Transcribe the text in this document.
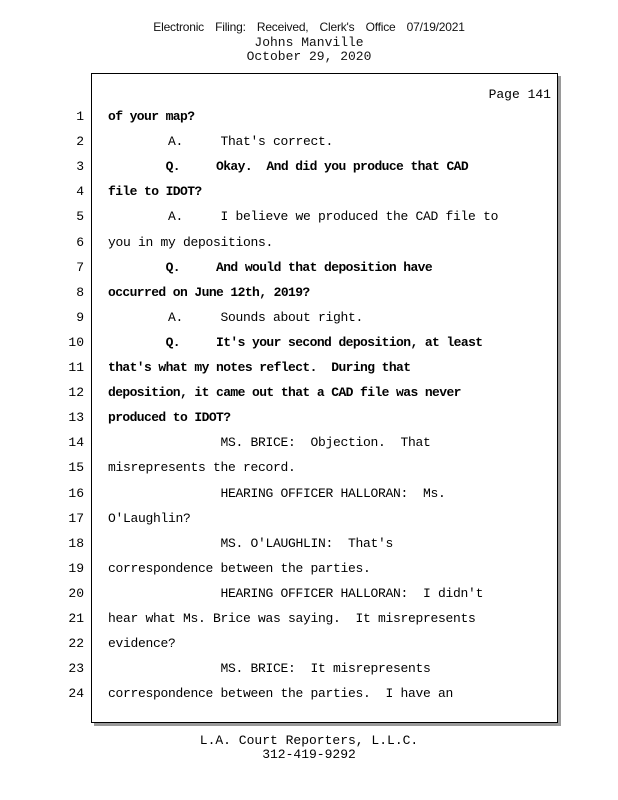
Electronic Filing: Received, Clerk's Office 07/19/2021
Johns Manville
October 29, 2020
Page 141
1 of your map?
2 A.     That's correct.
3 Q.     Okay.  And did you produce that CAD
4 file to IDOT?
5 A.     I believe we produced the CAD file to
6 you in my depositions.
7 Q.     And would that deposition have
8 occurred on June 12th, 2019?
9 A.     Sounds about right.
10 Q.     It's your second deposition, at least
11 that's what my notes reflect.  During that
12 deposition, it came out that a CAD file was never
13 produced to IDOT?
14 MS. BRICE:  Objection.  That
15 misrepresents the record.
16 HEARING OFFICER HALLORAN:  Ms.
17 O'Laughlin?
18 MS. O'LAUGHLIN:  That's
19 correspondence between the parties.
20 HEARING OFFICER HALLORAN:  I didn't
21 hear what Ms. Brice was saying.  It misrepresents
22 evidence?
23 MS. BRICE:  It misrepresents
24 correspondence between the parties.  I have an
L.A. Court Reporters, L.L.C.
312-419-9292
